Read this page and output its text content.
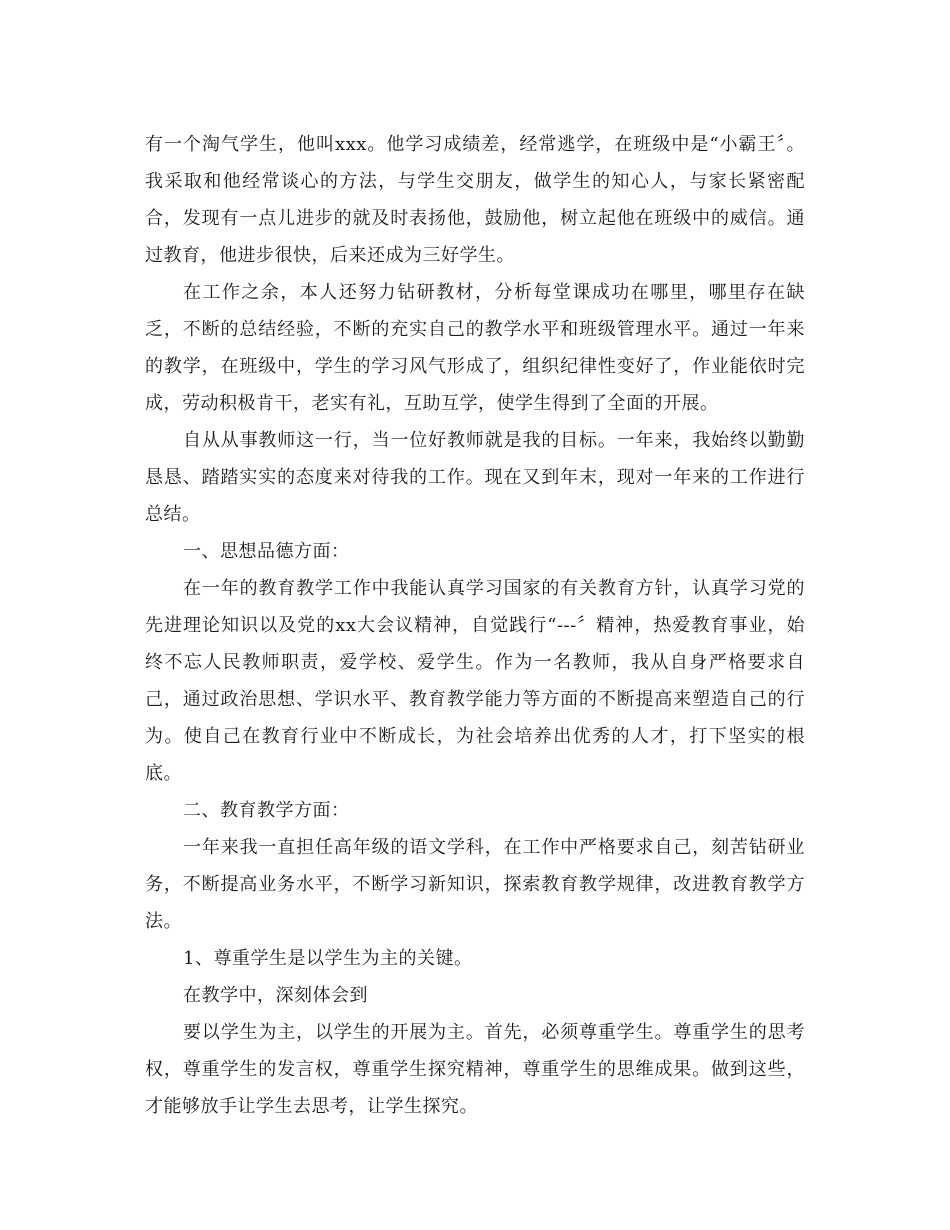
有一个淘气学生，他叫xxx。他学习成绩差，经常逃学，在班级中是“小霸王〞。我采取和他经常谈心的方法，与学生交朋友，做学生的知心人，与家长紧密配合，发现有一点儿进步的就及时表扬他，鼓励他，树立起他在班级中的威信。通过教育，他进步很快，后来还成为三好学生。

在工作之余，本人还努力钻研教材，分析每堂课成功在哪里，哪里存在缺乏，不断的总结经验，不断的充实自己的教学水平和班级管理水平。通过一年来的教学，在班级中，学生的学习风气形成了，组织纪律性变好了，作业能依时完成，劳动积极肯干，老实有礼，互助互学，使学生得到了全面的开展。

自从从事教师这一行，当一位好教师就是我的目标。一年来，我始终以勤勤恳恳、踏踏实实的态度来对待我的工作。现在又到年末，现对一年来的工作进行总结。

一、思想品德方面：

在一年的教育教学工作中我能认真学习国家的有关教育方针，认真学习党的先进理论知识以及党的xx大会议精神，自觉践行“---〞精神，热爱教育事业，始终不忘人民教师职责，爱学校、爱学生。作为一名教师，我从自身严格要求自己，通过政治思想、学识水平、教育教学能力等方面的不断提高来塑造自己的行为。使自己在教育行业中不断成长，为社会培养出优秀的人才，打下坚实的根底。

二、教育教学方面：

一年来我一直担任高年级的语文学科，在工作中严格要求自己，刻苦钻研业务，不断提高业务水平，不断学习新知识，探索教育教学规律，改进教育教学方法。

1、尊重学生是以学生为主的关键。

在教学中，深刻体会到

要以学生为主，以学生的开展为主。首先，必须尊重学生。尊重学生的思考权，尊重学生的发言权，尊重学生探究精神，尊重学生的思维成果。做到这些，才能够放手让学生去思考，让学生探究。
